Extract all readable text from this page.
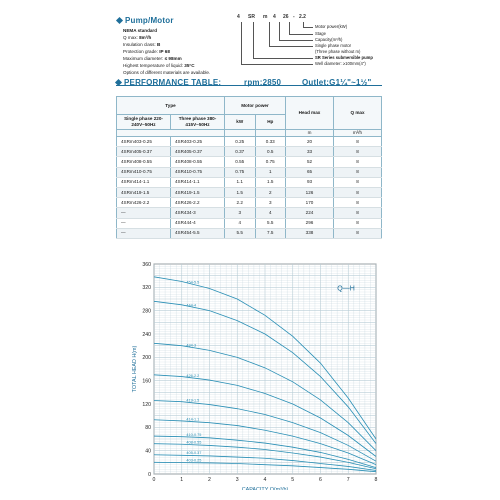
Pump/Motor
NEMA standard
Q max: 8m³/h
Insulation class: B
Protection grade: IP 68
Maximum diameter: ≤ 98mm
Highest temperature of liquid: 35°C
Options of different materials are available.
4 SR m 4 26 - 2.2
Motor power(kW)
Stage
Capacity(m³/h)
Single phase motor
(Three phase without m)
SR Series submersible pump
Well diameter: ≥100mm(4")
PERFORMANCE TABLE:	rpm:2850	Outlet:G1¼"~1½"
Type		Motor power		Head max	Q max
Single phase 220-240V~50Hz	Three phase 380-415V~50Hz	kW	Hp		
				m	m³/h
4SRm403-0.25	4SR403-0.25	0.25	0.33	20	8
4SRm405-0.37	4SR405-0.37	0.37	0.5	33	8
4SRm408-0.55	4SR408-0.55	0.55	0.75	52	8
4SRm410-0.75	4SR410-0.75	0.75	1	65	8
4SRm414-1.1	4SR414-1.1	1.1	1.5	93	8
4SRm419-1.5	4SR419-1.5	1.5	2	126	8
4SRm426-2.2	4SR426-2.2	2.2	3	170	8
—	4SR434-3	3	4	224	8
—	4SR444-4	4	5.5	296	8
—	4SR454-5.5	5.5	7.5	338	8
0
40
80
120
160
200
240
280
320
360
0	1	2	3	4	5	6	7	8
CAPACITY Q(m³/h)
TOTAL HEAD H(m)
Q—H
454-5.5
444-4
434-3
426-2.2
419-1.5
414-1.1
410-0.75
408-0.55
405-0.37
403-0.25
